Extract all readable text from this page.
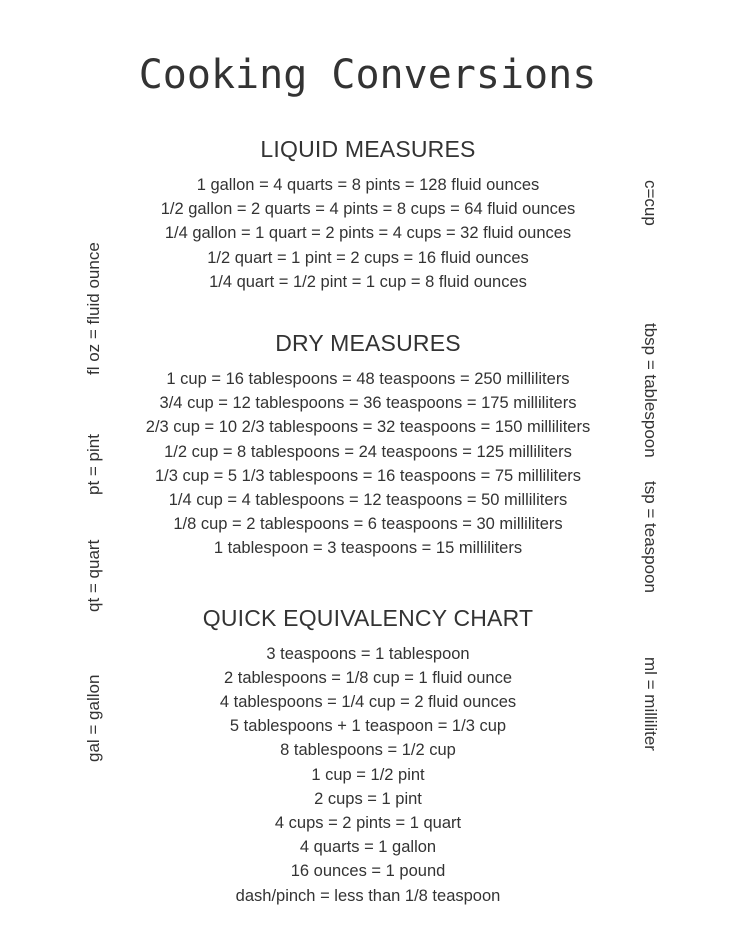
Cooking Conversions
fl oz = fluid ounce
pt = pint
qt = quart
gal = gallon
c=cup
tbsp = tablespoon
tsp = teaspoon
ml = milliliter
LIQUID MEASURES
1 gallon = 4 quarts = 8 pints = 128 fluid ounces
1/2 gallon = 2 quarts = 4 pints = 8 cups = 64 fluid ounces
1/4 gallon = 1 quart = 2 pints = 4 cups = 32 fluid ounces
1/2 quart = 1 pint = 2 cups = 16 fluid ounces
1/4 quart = 1/2 pint = 1 cup = 8 fluid ounces
DRY MEASURES
1 cup = 16 tablespoons = 48 teaspoons = 250 milliliters
3/4 cup = 12 tablespoons = 36 teaspoons = 175 milliliters
2/3 cup = 10 2/3 tablespoons = 32 teaspoons = 150 milliliters
1/2 cup = 8 tablespoons = 24 teaspoons = 125 milliliters
1/3 cup = 5 1/3 tablespoons = 16 teaspoons = 75 milliliters
1/4 cup = 4 tablespoons = 12 teaspoons = 50 milliliters
1/8 cup = 2 tablespoons = 6 teaspoons = 30 milliliters
1 tablespoon = 3 teaspoons = 15 milliliters
QUICK EQUIVALENCY CHART
3 teaspoons = 1 tablespoon
2 tablespoons = 1/8 cup = 1 fluid ounce
4 tablespoons = 1/4 cup = 2 fluid ounces
5 tablespoons + 1 teaspoon = 1/3 cup
8 tablespoons = 1/2 cup
1 cup = 1/2 pint
2 cups = 1 pint
4 cups = 2 pints = 1 quart
4 quarts = 1 gallon
16 ounces = 1 pound
dash/pinch = less than 1/8 teaspoon
